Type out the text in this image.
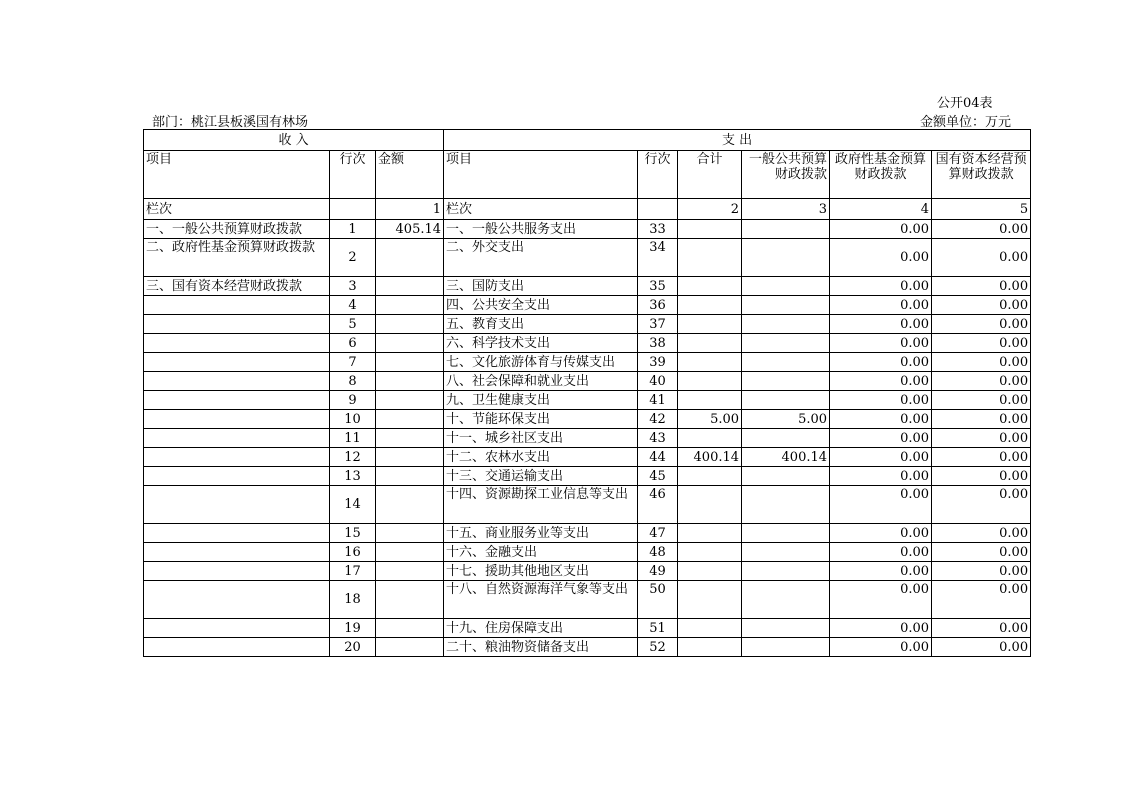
公开04表
部门：桃江县板溪国有林场	金额单位：万元
收 入			支 出					
项目	行次	金额	项目	行次	合计	一般公共预算财政拨款	政府性基金预算财政拨款	国有资本经营预算财政拨款
栏次		1	栏次		2	3	4	5
一、一般公共预算财政拨款	1	405.14	一、一般公共服务支出	33			0.00	0.00
二、政府性基金预算财政拨款	2		二、外交支出	34			0.00	0.00
三、国有资本经营财政拨款	3		三、国防支出	35			0.00	0.00
	4		四、公共安全支出	36			0.00	0.00
	5		五、教育支出	37			0.00	0.00
	6		六、科学技术支出	38			0.00	0.00
	7		七、文化旅游体育与传媒支出	39			0.00	0.00
	8		八、社会保障和就业支出	40			0.00	0.00
	9		九、卫生健康支出	41			0.00	0.00
	10		十、节能环保支出	42	5.00	5.00	0.00	0.00
	11		十一、城乡社区支出	43			0.00	0.00
	12		十二、农林水支出	44	400.14	400.14	0.00	0.00
	13		十三、交通运输支出	45			0.00	0.00
	14		十四、资源勘探工业信息等支出	46			0.00	0.00
	15		十五、商业服务业等支出	47			0.00	0.00
	16		十六、金融支出	48			0.00	0.00
	17		十七、援助其他地区支出	49			0.00	0.00
	18		十八、自然资源海洋气象等支出	50			0.00	0.00
	19		十九、住房保障支出	51			0.00	0.00
	20		二十、粮油物资储备支出	52			0.00	0.00
